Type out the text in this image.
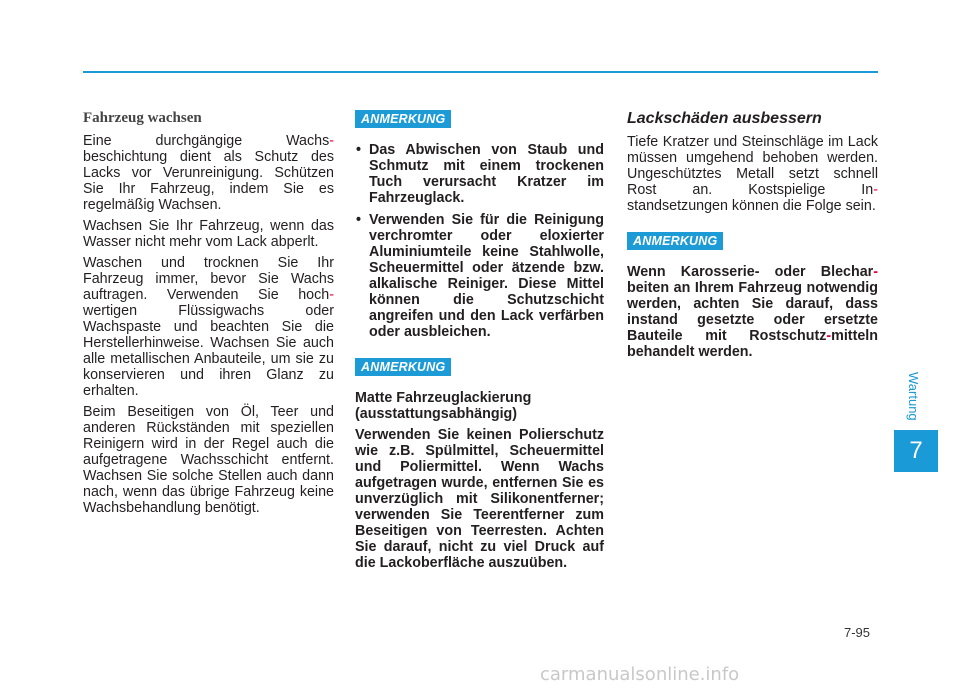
Fahrzeug wachsen

Eine durchgängige Wachs-beschichtung dient als Schutz des Lacks vor Verunreinigung. Schützen Sie Ihr Fahrzeug, indem Sie es regelmäßig Wachsen.

Wachsen Sie Ihr Fahrzeug, wenn das Wasser nicht mehr vom Lack abperlt.

Waschen und trocknen Sie Ihr Fahrzeug immer, bevor Sie Wachs auftragen. Verwenden Sie hoch-wertigen Flüssigwachs oder Wachspaste und beachten Sie die Herstellerhinweise. Wachsen Sie auch alle metallischen Anbauteile, um sie zu konservieren und ihren Glanz zu erhalten.

Beim Beseitigen von Öl, Teer und anderen Rückständen mit speziellen Reinigern wird in der Regel auch die aufgetragene Wachsschicht entfernt. Wachsen Sie solche Stellen auch dann nach, wenn das übrige Fahrzeug keine Wachsbehandlung benötigt.

ANMERKUNG
• Das Abwischen von Staub und Schmutz mit einem trockenen Tuch verursacht Kratzer im Fahrzeuglack.
• Verwenden Sie für die Reinigung verchromter oder eloxierter Aluminiumteile keine Stahlwolle, Scheuermittel oder ätzende bzw. alkalische Reiniger. Diese Mittel können die Schutzschicht angreifen und den Lack verfärben oder ausbleichen.
ANMERKUNG

Matte Fahrzeuglackierung (ausstattungsabhängig)

Verwenden Sie keinen Polierschutz wie z.B. Spülmittel, Scheuermittel und Poliermittel. Wenn Wachs aufgetragen wurde, entfernen Sie es unverzüglich mit Silikonentferner; verwenden Sie Teerentferner zum Beseitigen von Teerresten. Achten Sie darauf, nicht zu viel Druck auf die Lackoberfläche auszuüben.

Lackschäden ausbessern

Tiefe Kratzer und Steinschläge im Lack müssen umgehend behoben werden. Ungeschütztes Metall setzt schnell Rost an. Kostspielige In-standsetzungen können die Folge sein.

ANMERKUNG

Wenn Karosserie- oder Blechar-beiten an Ihrem Fahrzeug notwendig werden, achten Sie darauf, dass instand gesetzte oder ersetzte Bauteile mit Rostschutz-mitteln behandelt werden.

Wartung
7
7-95
carmanualsonline.info
